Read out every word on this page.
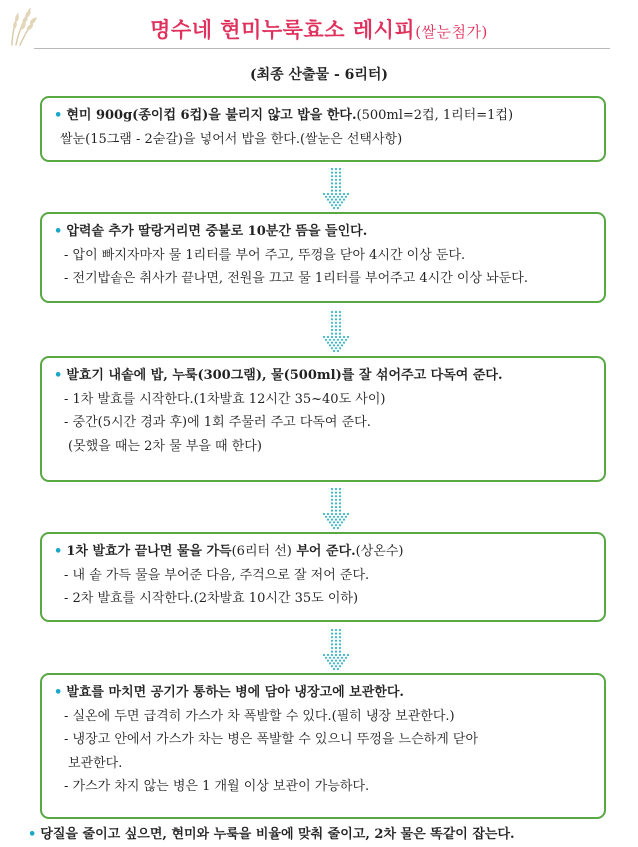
명수네 현미누룩효소 레시피(쌀눈첨가)
(최종 산출물 - 6리터)
• 현미 900g(종이컵 6컵)을 불리지 않고 밥을 한다.(500ml=2컵, 1리터=1컵)
쌀눈(15그램 - 2숟갈)을 넣어서 밥을 한다.(쌀눈은 선택사항)
• 압력솥 추가 딸랑거리면 중불로 10분간 뜸을 들인다.
- 압이 빠지자마자 물 1리터를 부어 주고, 뚜껑을 닫아 4시간 이상 둔다.
- 전기밥솥은 취사가 끝나면, 전원을 끄고 물 1리터를 부어주고 4시간 이상 놔둔다.
• 발효기 내솥에 밥, 누룩(300그램), 물(500ml)를 잘 섞어주고 다독여 준다.
- 1차 발효를 시작한다.(1차발효 12시간 35~40도 사이)
- 중간(5시간 경과 후)에 1회 주물러 주고 다독여 준다.
(못했을 때는 2차 물 부을 때 한다)
• 1차 발효가 끝나면 물을 가득(6리터 선) 부어 준다.(상온수)
- 내 솥 가득 물을 부어준 다음, 주걱으로 잘 저어 준다.
- 2차 발효를 시작한다.(2차발효 10시간 35도 이하)
• 발효를 마치면 공기가 통하는 병에 담아 냉장고에 보관한다.
- 실온에 두면 급격히 가스가 차 폭발할 수 있다.(필히 냉장 보관한다.)
- 냉장고 안에서 가스가 차는 병은 폭발할 수 있으니 뚜껑을 느슨하게 닫아
보관한다.
- 가스가 차지 않는 병은 1 개월 이상 보관이 가능하다.
• 당질을 줄이고 싶으면, 현미와 누룩을 비율에 맞춰 줄이고, 2차 물은 똑같이 잡는다.
